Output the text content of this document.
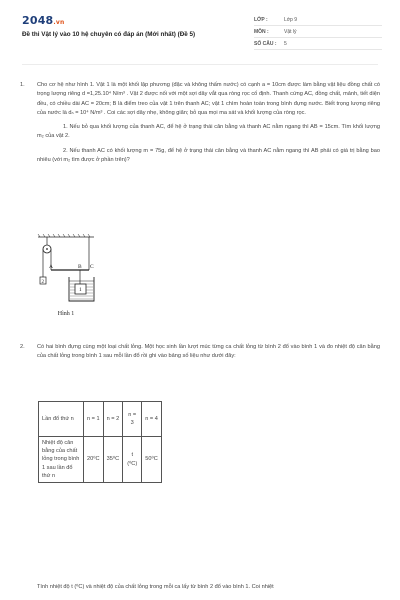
2048.vn
Đề thi Vật lý vào 10 hệ chuyên có đáp án (Mới nhất) (Đề 5)
LỚP :	Lớp 9
MÔN :	Vật lý
SỐ CÂU :	5
1. Cho cơ hệ như hình 1. Vật 1 là một khối lập phương (đặc và không thấm nước) có cạnh a = 10cm được làm bằng vật liệu đồng chất có trọng lượng riêng d =1,25.10⁴ N/m³ . Vật 2 được nối với một sợi dây vắt qua ròng rọc cố định. Thanh cứng AC, đồng chất, mảnh, tiết diện đều, có chiều dài AC = 20cm; B là điểm treo của vật 1 trên thanh AC; vật 1 chìm hoàn toàn trong bình đựng nước. Biết trọng lượng riêng của nước là dₙ = 10⁴ N/m³ . Coi các sợi dây nhẹ, không giãn; bỏ qua mọi ma sát và khối lượng của ròng rọc.
1. Nếu bỏ qua khối lượng của thanh AC, để hệ ở trạng thái cân bằng và thanh AC nằm ngang thì AB = 15cm. Tìm khối lượng m₂ của vật 2.
2. Nếu thanh AC có khối lượng m = 75g, để hệ ở trạng thái cân bằng và thanh AC nằm ngang thì AB phải có giá trị bằng bao nhiêu (với m₂ tìm được ở phần trên)?
A	B C
1
2
Hình 1
2. Có hai bình đựng cùng một loại chất lỏng. Một học sinh lần lượt múc từng ca chất lỏng từ bình 2 đổ vào bình 1 và đo nhiệt độ cân bằng của chất lỏng trong bình 1 sau mỗi lần đổ rồi ghi vào bảng số liệu như dưới đây:
Lần đổ thứ n	n = 1	n = 2	n = 3	n = 4
Nhiệt độ cân bằng của chất lỏng trong bình 1 sau lần đổ thứ n	20⁰C	35⁰C	t (⁰C)	50⁰C
Tính nhiệt độ t (⁰C) và nhiệt độ của chất lỏng trong mỗi ca lấy từ bình 2 đổ vào bình 1. Coi nhiệt
